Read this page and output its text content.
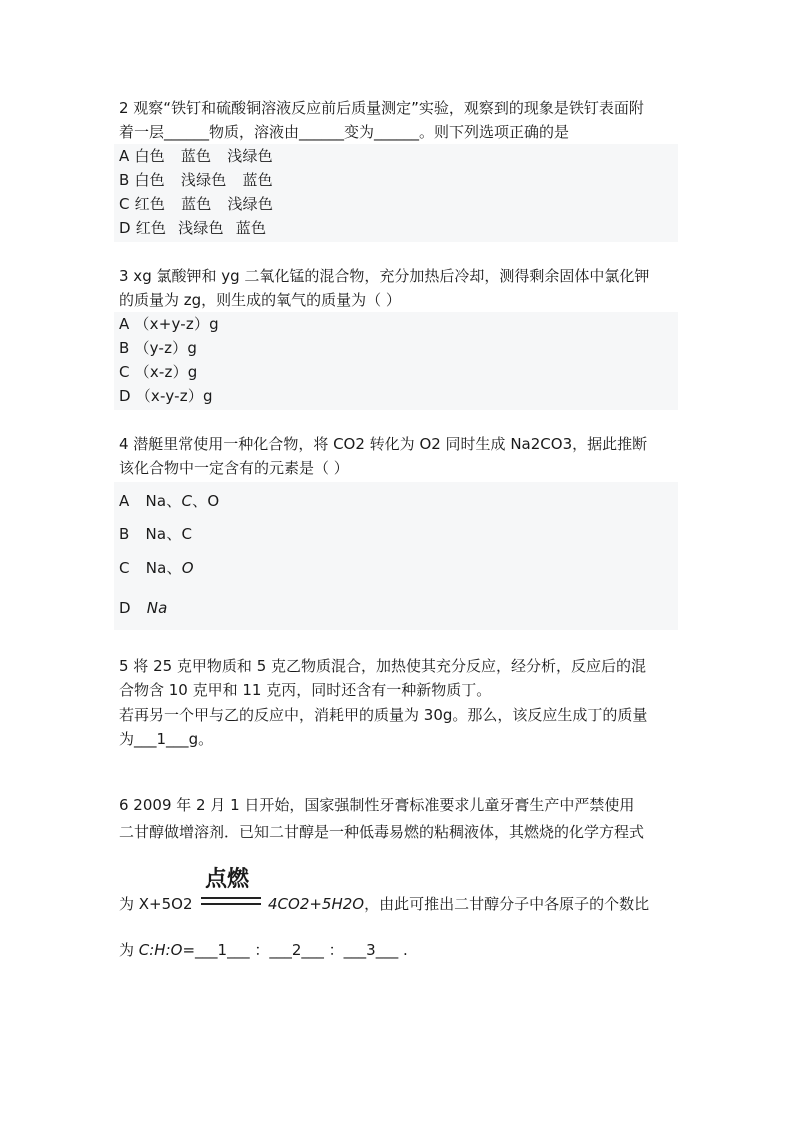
2 观察“铁钉和硫酸铜溶液反应前后质量测定”实验，观察到的现象是铁钉表面附
着一层______物质，溶液由______变为______。则下列选项正确的是
A 白色 蓝色 浅绿色
B 白色 浅绿色 蓝色
C 红色 蓝色 浅绿色
D 红色 浅绿色 蓝色
3 xg 氯酸钾和 yg 二氧化锰的混合物，充分加热后冷却，测得剩余固体中氯化钾
的质量为 zg，则生成的氧气的质量为（ ）
A （x+y-z）g
B （y-z）g
C （x-z）g
D （x-y-z）g
4 潜艇里常使用一种化合物，将 CO2 转化为 O2 同时生成 Na2CO3，据此推断
该化合物中一定含有的元素是（ ）
A Na、C、O
B Na、C
C Na、O
D Na
5 将 25 克甲物质和 5 克乙物质混合，加热使其充分反应，经分析，反应后的混
合物含 10 克甲和 11 克丙，同时还含有一种新物质丁。
若再另一个甲与乙的反应中，消耗甲的质量为 30g。那么，该反应生成丁的质量
为___1___g。
6 2009 年 2 月 1 日开始，国家强制性牙膏标准要求儿童牙膏生产中严禁使用
二甘醇做增溶剂．已知二甘醇是一种低毒易燃的粘稠液体，其燃烧的化学方程式
点燃
为 X+5O2	4CO2+5H2O，由此可推出二甘醇分子中各原子的个数比
为 C:H:O=___1___ ：___2___ ：___3___ .
